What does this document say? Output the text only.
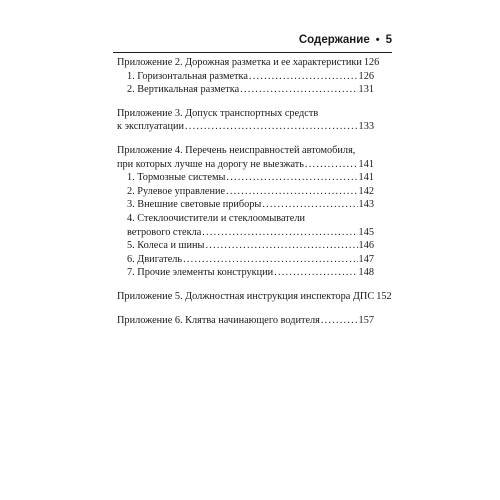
Содержание • 5
Приложение 2. Дорожная разметка и ее характеристики 126
1. Горизонтальная разметка .....	126
2. Вертикальная разметка .....	131
Приложение 3. Допуск транспортных средств
к эксплуатации .....	133
Приложение 4. Перечень неисправностей автомобиля,
при которых лучше на дорогу не выезжать .....	141
1. Тормозные системы .....	141
2. Рулевое управление .....	142
3. Внешние световые приборы .....	143
4. Стеклоочистители и стеклоомыватели
ветрового стекла .....	145
5. Колеса и шины .....	146
6. Двигатель .....	147
7. Прочие элементы конструкции .....	148
Приложение 5. Должностная инструкция инспектора ДПС 152
Приложение 6. Клятва начинающего водителя .....	157
